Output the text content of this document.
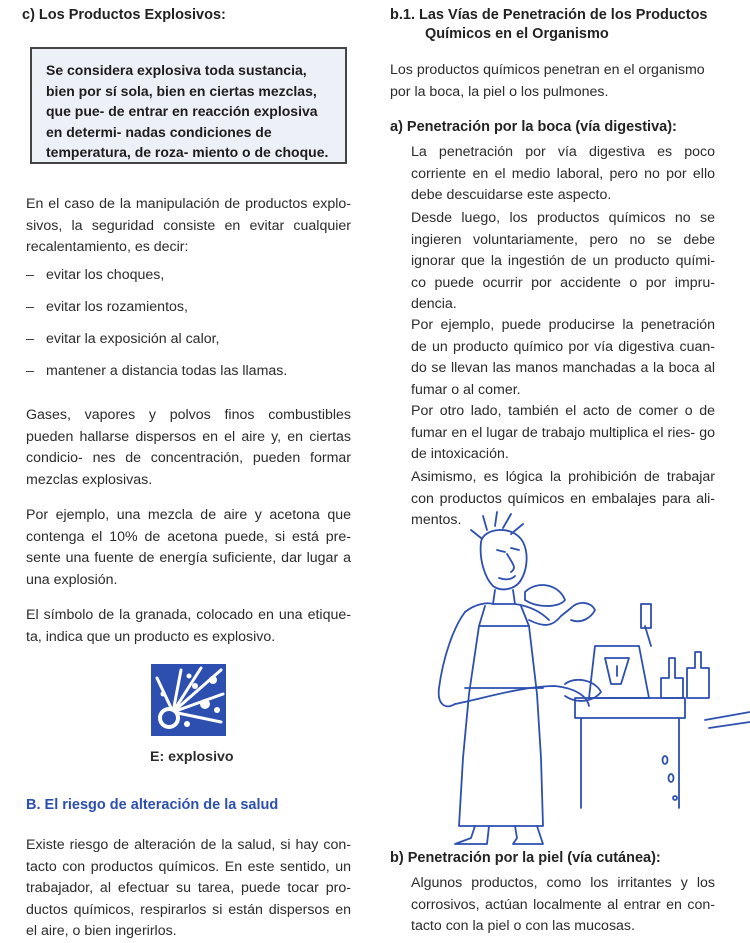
c) Los Productos Explosivos:

Se considera explosiva toda sustancia, bien por sí sola, bien en ciertas mezclas, que pue- de entrar en reacción explosiva en determi- nadas condiciones de temperatura, de roza- miento o de choque.

En el caso de la manipulación de productos explo- sivos, la seguridad consiste en evitar cualquier recalentamiento, es decir:

– evitar los choques,
– evitar los rozamientos,
– evitar la exposición al calor,
– mantener a distancia todas las llamas.

Gases, vapores y polvos finos combustibles pueden hallarse dispersos en el aire y, en ciertas condicio- nes de concentración, pueden formar mezclas explosivas.

Por ejemplo, una mezcla de aire y acetona que contenga el 10% de acetona puede, si está pre- sente una fuente de energía suficiente, dar lugar a una explosión.

El símbolo de la granada, colocado en una etique- ta, indica que un producto es explosivo.

E: explosivo

B. El riesgo de alteración de la salud

Existe riesgo de alteración de la salud, si hay con- tacto con productos químicos. En este sentido, un trabajador, al efectuar su tarea, puede tocar pro- ductos químicos, respirarlos si están dispersos en el aire, o bien ingerirlos.

b.1. Las Vías de Penetración de los Productos

Químicos en el Organismo

Los productos químicos penetran en el organismo por la boca, la piel o los pulmones.

a) Penetración por la boca (vía digestiva):

La penetración por vía digestiva es poco corriente en el medio laboral, pero no por ello debe descuidarse este aspecto.

Desde luego, los productos químicos no se ingieren voluntariamente, pero no se debe ignorar que la ingestión de un producto quími- co puede ocurrir por accidente o por impru- dencia.

Por ejemplo, puede producirse la penetración de un producto químico por vía digestiva cuan- do se llevan las manos manchadas a la boca al fumar o al comer.

Por otro lado, también el acto de comer o de fumar en el lugar de trabajo multiplica el ries- go de intoxicación.

Asimismo, es lógica la prohibición de trabajar con productos químicos en embalajes para ali- mentos.

b) Penetración por la piel (vía cutánea):

Algunos productos, como los irritantes y los corrosivos, actúan localmente al entrar en con- tacto con la piel o con las mucosas.
